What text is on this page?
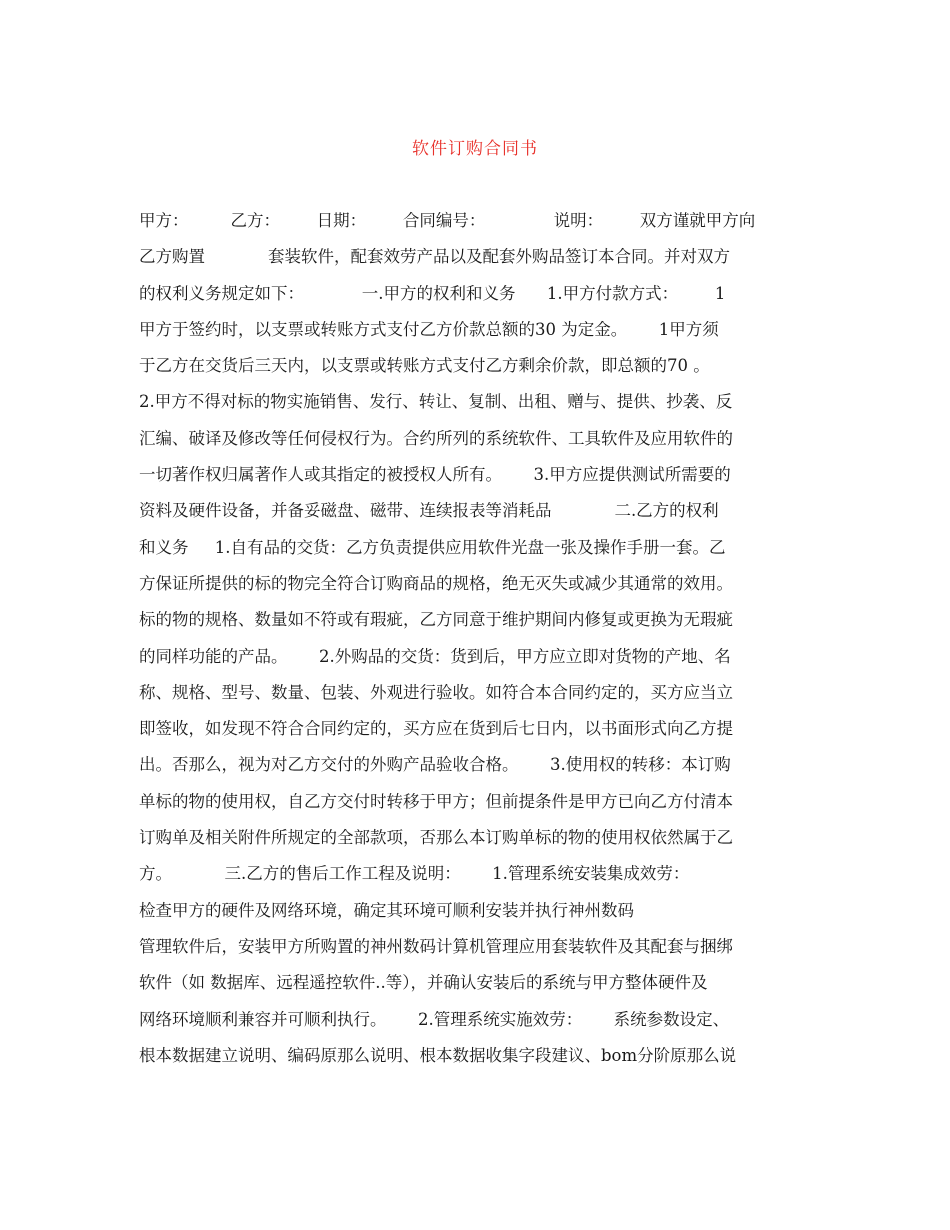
软件订购合同书
甲方：        乙方：       日期：       合同编号：             说明：       双方谨就甲方向
乙方购置            套装软件，配套效劳产品以及配套外购品签订本合同。并对双方
的权利义务规定如下：           一.甲方的权利和义务      1.甲方付款方式：       1
甲方于签约时，以支票或转账方式支付乙方价款总额的30 为定金。      1甲方须
于乙方在交货后三天内，以支票或转账方式支付乙方剩余价款，即总额的70 。
2.甲方不得对标的物实施销售、发行、转让、复制、出租、赠与、提供、抄袭、反
汇编、破译及修改等任何侵权行为。合约所列的系统软件、工具软件及应用软件的
一切著作权归属著作人或其指定的被授权人所有。      3.甲方应提供测试所需要的
资料及硬件设备，并备妥磁盘、磁带、连续报表等消耗品            二.乙方的权利
和义务     1.自有品的交货：乙方负责提供应用软件光盘一张及操作手册一套。乙
方保证所提供的标的物完全符合订购商品的规格，绝无灭失或减少其通常的效用。
标的物的规格、数量如不符或有瑕疵，乙方同意于维护期间内修复或更换为无瑕疵
的同样功能的产品。      2.外购品的交货：货到后，甲方应立即对货物的产地、名
称、规格、型号、数量、包装、外观进行验收。如符合本合同约定的，买方应当立
即签收，如发现不符合合同约定的，买方应在货到后七日内，以书面形式向乙方提
出。否那么，视为对乙方交付的外购产品验收合格。      3.使用权的转移：本订购
单标的物的使用权，自乙方交付时转移于甲方；但前提条件是甲方已向乙方付清本
订购单及相关附件所规定的全部款项，否那么本订购单标的物的使用权依然属于乙
方。          三.乙方的售后工作工程及说明：      1.管理系统安装集成效劳：
检查甲方的硬件及网络环境，确定其环境可顺利安装并执行神州数码
管理软件后，安装甲方所购置的神州数码计算机管理应用套装软件及其配套与捆绑
软件（如 数据库、远程遥控软件..等），并确认安装后的系统与甲方整体硬件及
网络环境顺利兼容并可顺利执行。      2.管理系统实施效劳：      系统参数设定、
根本数据建立说明、编码原那么说明、根本数据收集字段建议、bom分阶原那么说
